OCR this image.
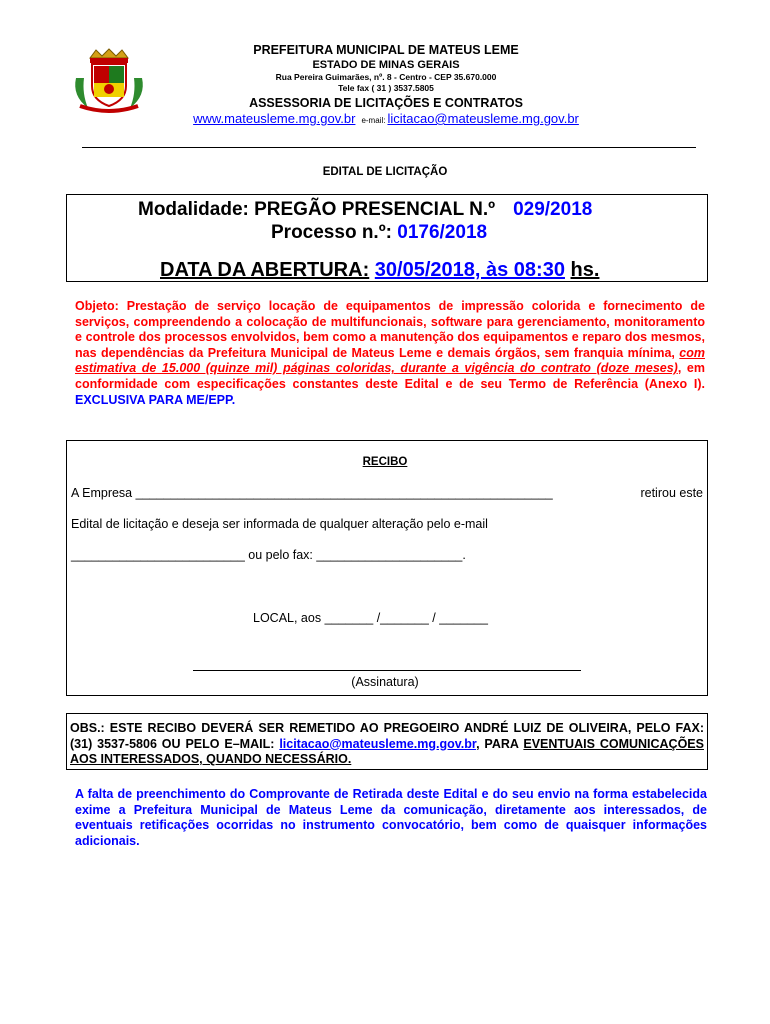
PREFEITURA MUNICIPAL DE MATEUS LEME
ESTADO DE MINAS GERAIS
Rua Pereira Guimarães, nº. 8 - Centro - CEP 35.670.000
Tele fax ( 31 ) 3537.5805
ASSESSORIA DE LICITAÇÕES E CONTRATOS
www.mateusleme.mg.gov.br e-mail: licitacao@mateusleme.mg.gov.br
EDITAL DE LICITAÇÃO
Modalidade: PREGÃO PRESENCIAL N.º 029/2018
Processo n.º: 0176/2018
DATA DA ABERTURA: 30/05/2018, às 08:30 hs.
Objeto: Prestação de serviço locação de equipamentos de impressão colorida e fornecimento de serviços, compreendendo a colocação de multifuncionais, software para gerenciamento, monitoramento e controle dos processos envolvidos, bem como a manutenção dos equipamentos e reparo dos mesmos, nas dependências da Prefeitura Municipal de Mateus Leme e demais órgãos, sem franquia mínima, com estimativa de 15.000 (quinze mil) páginas coloridas, durante a vigência do contrato (doze meses), em conformidade com especificações constantes deste Edital e de seu Termo de Referência (Anexo I). EXCLUSIVA PARA ME/EPP.
RECIBO
A Empresa ____________________________________________________________	retirou este
Edital de licitação e deseja ser informada de qualquer alteração pelo e-mail
_________________________ ou pelo fax: _____________________.
LOCAL, aos _______ /_______ / _______
(Assinatura)
OBS.: ESTE RECIBO DEVERÁ SER REMETIDO AO PREGOEIRO ANDRÉ LUIZ DE OLIVEIRA, PELO FAX: (31) 3537-5806 OU PELO E–MAIL: licitacao@mateusleme.mg.gov.br, PARA EVENTUAIS COMUNICAÇÕES AOS INTERESSADOS, QUANDO NECESSÁRIO.
A falta de preenchimento do Comprovante de Retirada deste Edital e do seu envio na forma estabelecida exime a Prefeitura Municipal de Mateus Leme da comunicação, diretamente aos interessados, de eventuais retificações ocorridas no instrumento convocatório, bem como de quaisquer informações adicionais.
